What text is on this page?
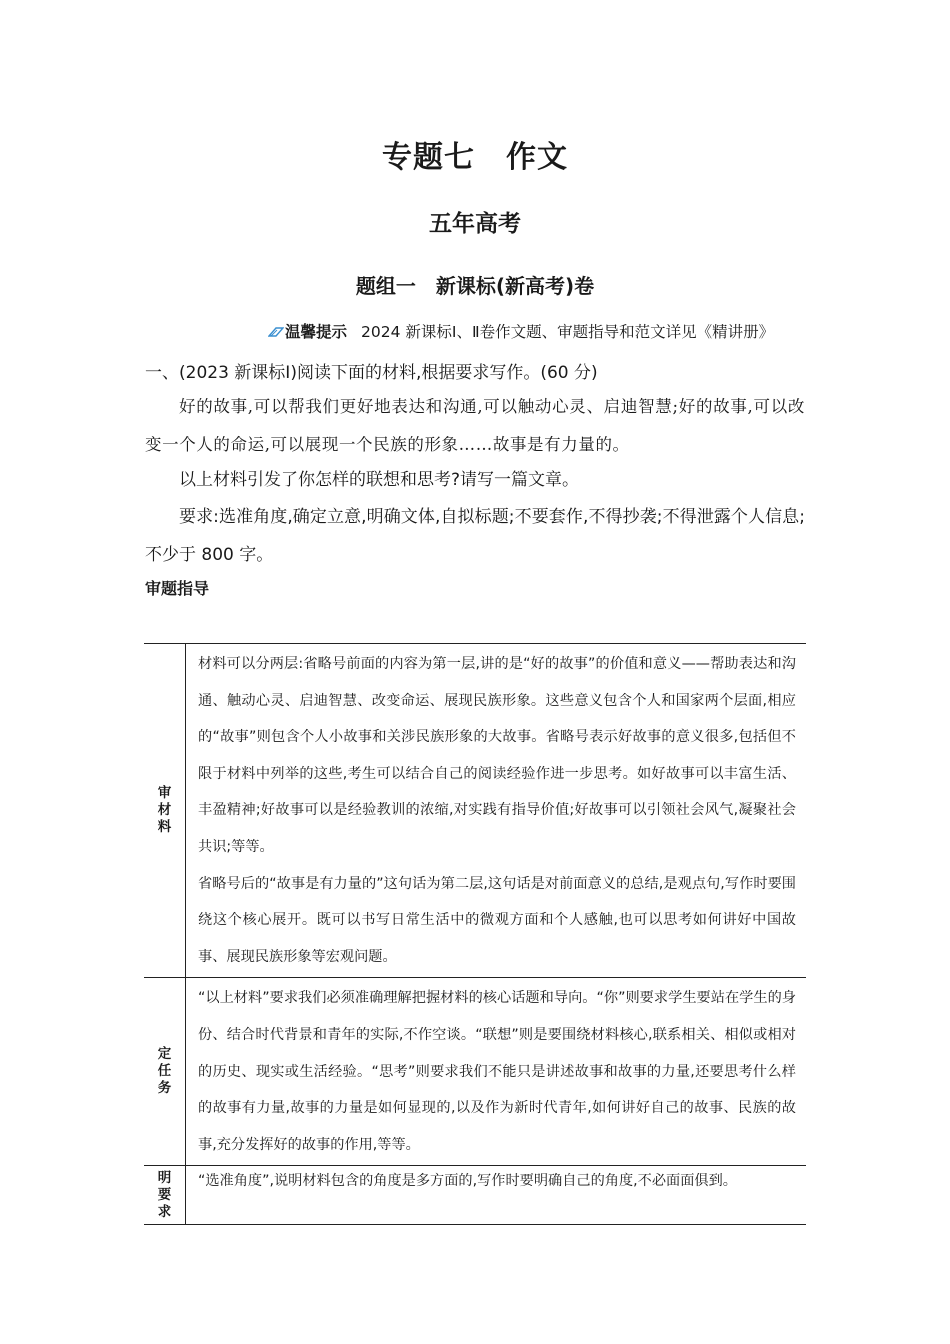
专题七　作文
五年高考
题组一　新课标(新高考)卷
温馨提示 2024 新课标Ⅰ、Ⅱ卷作文题、审题指导和范文详见《精讲册》
一、(2023 新课标Ⅰ)阅读下面的材料,根据要求写作。(60 分)

好的故事,可以帮我们更好地表达和沟通,可以触动心灵、启迪智慧;好的故事,可以改变一个人的命运,可以展现一个民族的形象……故事是有力量的。

以上材料引发了你怎样的联想和思考?请写一篇文章。

要求:选准角度,确定立意,明确文体,自拟标题;不要套作,不得抄袭;不得泄露个人信息;不少于 800 字。

审题指导
审材料	材料可以分两层:省略号前面的内容为第一层,讲的是“好的故事”的价值和意义——帮助表达和沟通、触动心灵、启迪智慧、改变命运、展现民族形象。这些意义包含个人和国家两个层面,相应的“故事”则包含个人小故事和关涉民族形象的大故事。省略号表示好故事的意义很多,包括但不限于材料中列举的这些,考生可以结合自己的阅读经验作进一步思考。如好故事可以丰富生活、丰盈精神;好故事可以是经验教训的浓缩,对实践有指导价值;好故事可以引领社会风气,凝聚社会共识;等等。

省略号后的“故事是有力量的”这句话为第二层,这句话是对前面意义的总结,是观点句,写作时要围绕这个核心展开。既可以书写日常生活中的微观方面和个人感触,也可以思考如何讲好中国故事、展现民族形象等宏观问题。

定任务	“以上材料”要求我们必须准确理解把握材料的核心话题和导向。“你”则要求学生要站在学生的身份、结合时代背景和青年的实际,不作空谈。“联想”则是要围绕材料核心,联系相关、相似或相对的历史、现实或生活经验。“思考”则要求我们不能只是讲述故事和故事的力量,还要思考什么样的故事有力量,故事的力量是如何显现的,以及作为新时代青年,如何讲好自己的故事、民族的故事,充分发挥好的故事的作用,等等。

明要求	“选准角度”,说明材料包含的角度是多方面的,写作时要明确自己的角度,不必面面俱到。
